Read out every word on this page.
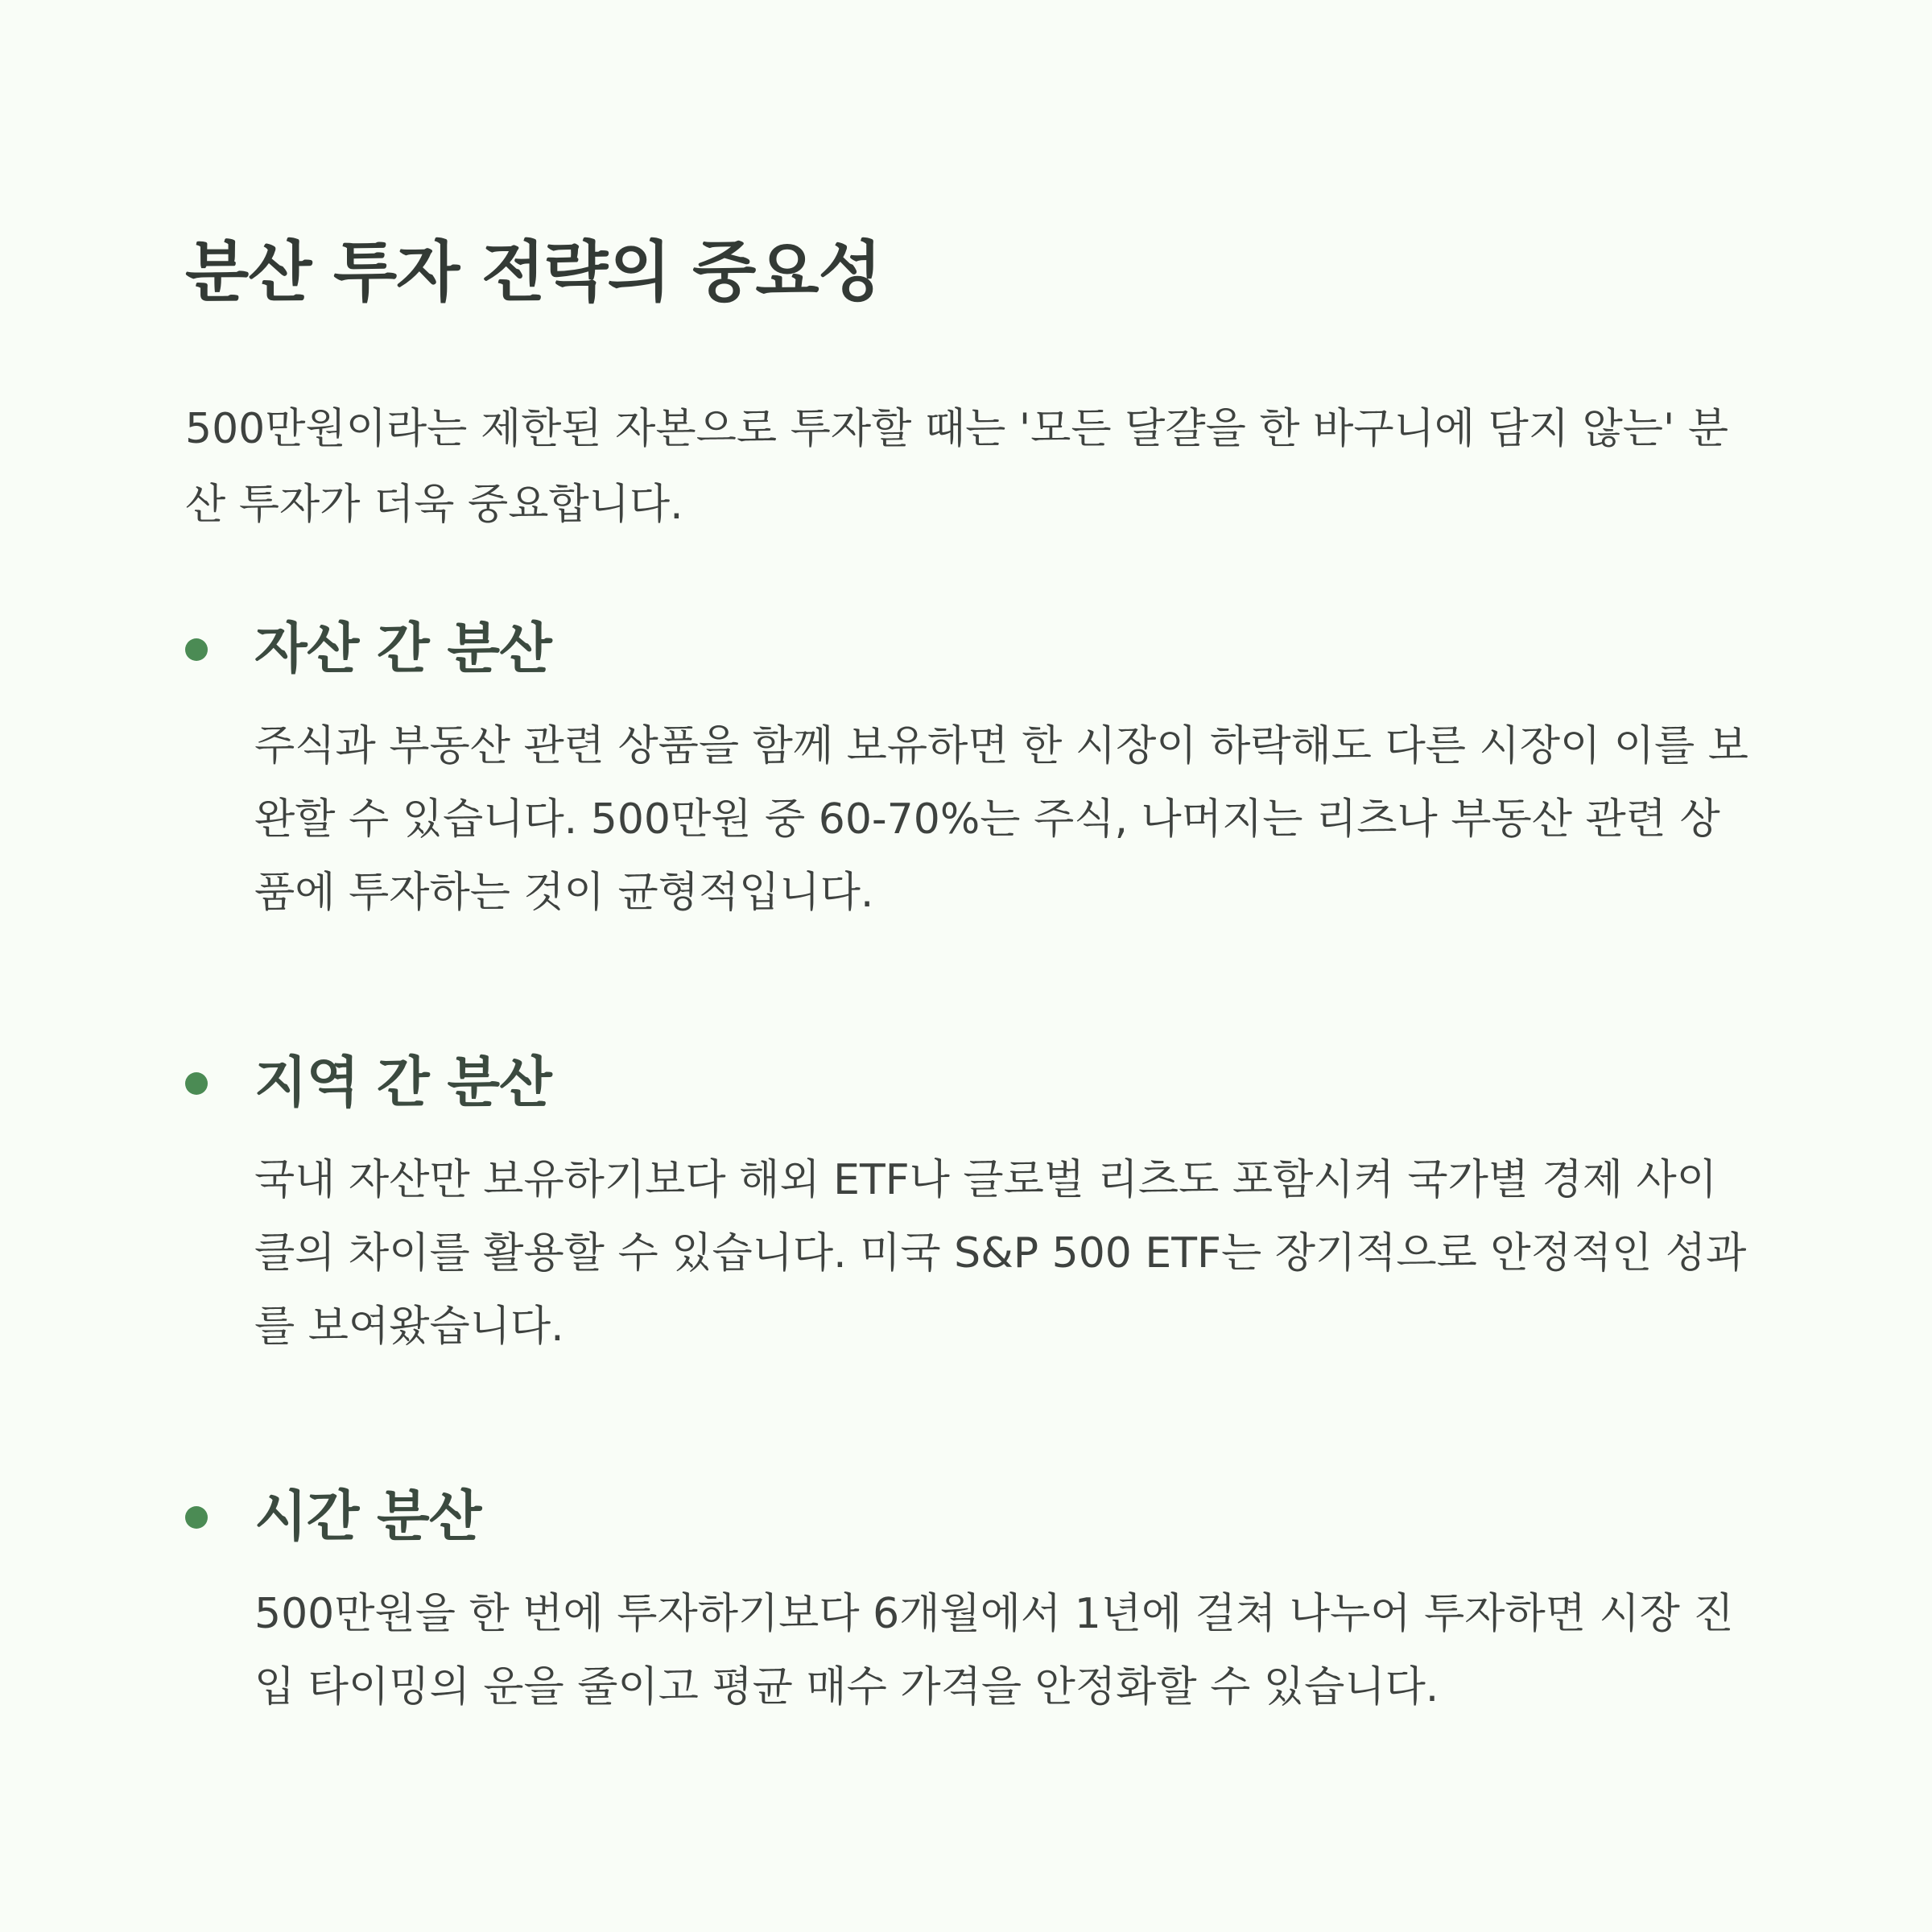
분산 투자 전략의 중요성

500만원이라는 제한된 자본으로 투자할 때는 '모든 달걀을 한 바구니에 담지 않는' 분산 투자가 더욱 중요합니다.

자산 간 분산

주식과 부동산 관련 상품을 함께 보유하면 한 시장이 하락해도 다른 시장이 이를 보완할 수 있습니다. 500만원 중 60-70%는 주식, 나머지는 리츠나 부동산 관련 상품에 투자하는 것이 균형적입니다.

지역 간 분산

국내 자산만 보유하기보다 해외 ETF나 글로벌 리츠도 포함시켜 국가별 경제 사이클의 차이를 활용할 수 있습니다. 미국 S&P 500 ETF는 장기적으로 안정적인 성과를 보여왔습니다.

시간 분산

500만원을 한 번에 투자하기보다 6개월에서 1년에 걸쳐 나누어 투자하면 시장 진입 타이밍의 운을 줄이고 평균 매수 가격을 안정화할 수 있습니다.
